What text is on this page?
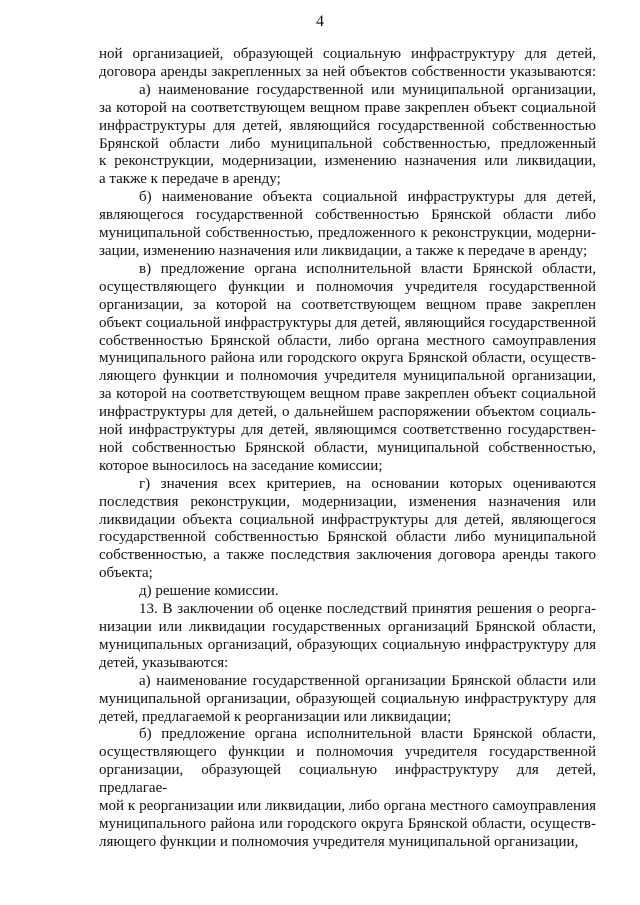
4
ной организацией, образующей социальную инфраструктуру для детей,
договора аренды закрепленных за ней объектов собственности указываются:
а) наименование государственной или муниципальной организации,
за которой на соответствующем вещном праве закреплен объект социальной
инфраструктуры для детей, являющийся государственной собственностью
Брянской области либо муниципальной собственностью, предложенный
к реконструкции, модернизации, изменению назначения или ликвидации,
а также к передаче в аренду;
б) наименование объекта социальной инфраструктуры для детей,
являющегося государственной собственностью Брянской области либо
муниципальной собственностью, предложенного к реконструкции, модерни-
зации, изменению назначения или ликвидации, а также к передаче в аренду;
в) предложение органа исполнительной власти Брянской области,
осуществляющего функции и полномочия учредителя государственной
организации, за которой на соответствующем вещном праве закреплен
объект социальной инфраструктуры для детей, являющийся государственной
собственностью Брянской области, либо органа местного самоуправления
муниципального района или городского округа Брянской области, осуществ-
ляющего функции и полномочия учредителя муниципальной организации,
за которой на соответствующем вещном праве закреплен объект социальной
инфраструктуры для детей, о дальнейшем распоряжении объектом социаль-
ной инфраструктуры для детей, являющимся соответственно государствен-
ной собственностью Брянской области, муниципальной собственностью,
которое выносилось на заседание комиссии;
г) значения всех критериев, на основании которых оцениваются
последствия реконструкции, модернизации, изменения назначения или
ликвидации объекта социальной инфраструктуры для детей, являющегося
государственной собственностью Брянской области либо муниципальной
собственностью, а также последствия заключения договора аренды такого
объекта;
д) решение комиссии.
13. В заключении об оценке последствий принятия решения о реорга-
низации или ликвидации государственных организаций Брянской области,
муниципальных организаций, образующих социальную инфраструктуру для
детей, указываются:
а) наименование государственной организации Брянской области или
муниципальной организации, образующей социальную инфраструктуру для
детей, предлагаемой к реорганизации или ликвидации;
б) предложение органа исполнительной власти Брянской области,
осуществляющего функции и полномочия учредителя государственной
организации, образующей социальную инфраструктуру для детей, предлагае-
мой к реорганизации или ликвидации, либо органа местного самоуправления
муниципального района или городского округа Брянской области, осуществ-
ляющего функции и полномочия учредителя муниципальной организации,
